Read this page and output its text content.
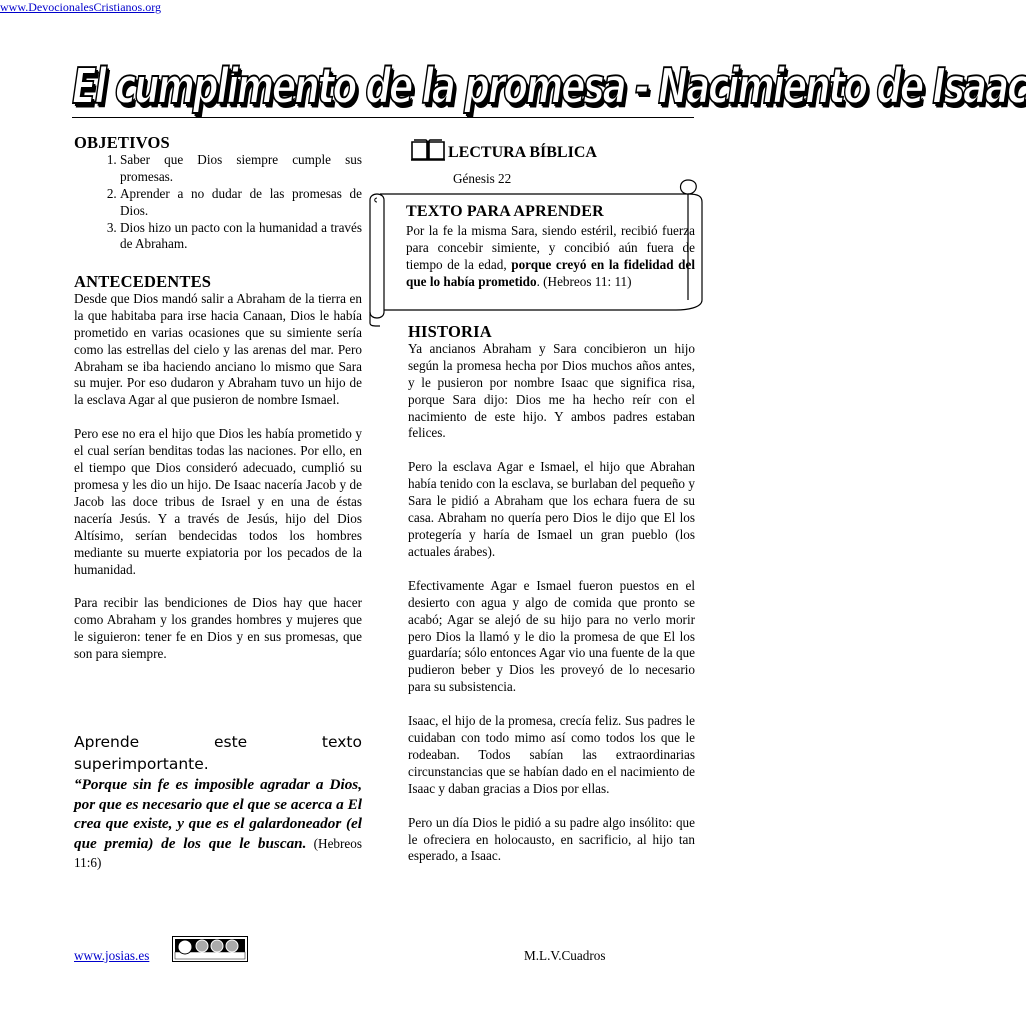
www.DevocionalesCristianos.org
El cumplimento de la promesa - Nacimiento de Isaac
OBJETIVOS
1. Saber que Dios siempre cumple sus promesas.
2. Aprender a no dudar de las promesas de Dios.
3. Dios hizo un pacto con la humanidad a través de Abraham.
ANTECEDENTES

Desde que Dios mandó salir a Abraham de la tierra en la que habitaba para irse hacia Canaan, Dios le había prometido en varias ocasiones que su simiente sería como las estrellas del cielo y las arenas del mar. Pero Abraham se iba haciendo anciano lo mismo que Sara su mujer. Por eso dudaron y Abraham tuvo un hijo de la esclava Agar al que pusieron de nombre Ismael.

Pero ese no era el hijo que Dios les había prometido y el cual serían benditas todas las naciones. Por ello, en el tiempo que Dios consideró adecuado, cumplió su promesa y les dio un hijo. De Isaac nacería Jacob y de Jacob las doce tribus de Israel y en una de éstas nacería Jesús. Y a través de Jesús, hijo del Dios Altísimo, serían bendecidas todos los hombres mediante su muerte expiatoria por los pecados de la humanidad.

Para recibir las bendiciones de Dios hay que hacer como Abraham y los grandes hombres y mujeres que le siguieron: tener fe en Dios y en sus promesas, que son para siempre.

Aprende	este	texto
superimportante.
“Porque sin fe es imposible agradar a Dios, por que es necesario que el que se acerca a El crea que existe, y que es el galardoneador (el que premia) de los que le buscan. (Hebreos 11:6)
LECTURA BÍBLICA
Génesis 22
TEXTO PARA APRENDER

Por la fe la misma Sara, siendo estéril, recibió fuerza para concebir simiente, y concibió aún fuera de tiempo de la edad, porque creyó en la fidelidad del que lo había prometido. (Hebreos 11: 11)

HISTORIA

Ya ancianos Abraham y Sara concibieron un hijo según la promesa hecha por Dios muchos años antes, y le pusieron por nombre Isaac que significa risa, porque Sara dijo: Dios me ha hecho reír con el nacimiento de este hijo. Y ambos padres estaban felices.

Pero la esclava Agar e Ismael, el hijo que Abrahan había tenido con la esclava, se burlaban del pequeño y Sara le pidió a Abraham que los echara fuera de su casa. Abraham no quería pero Dios le dijo que El los protegería y haría de Ismael un gran pueblo (los actuales árabes).

Efectivamente Agar e Ismael fueron puestos en el desierto con agua y algo de comida que pronto se acabó; Agar se alejó de su hijo para no verlo morir pero Dios la llamó y le dio la promesa de que El los guardaría; sólo entonces Agar vio una fuente de la que pudieron beber y Dios les proveyó de lo necesario para su subsistencia.

Isaac, el hijo de la promesa, crecía feliz. Sus padres le cuidaban con todo mimo así como todos los que le rodeaban. Todos sabían las extraordinarias circunstancias que se habían dado en el nacimiento de Isaac y daban gracias a Dios por ellas.

Pero un día Dios le pidió a su padre algo insólito: que le ofreciera en holocausto, en sacrificio, al hijo tan esperado, a Isaac.

www.josias.es	M.L.V.Cuadros
